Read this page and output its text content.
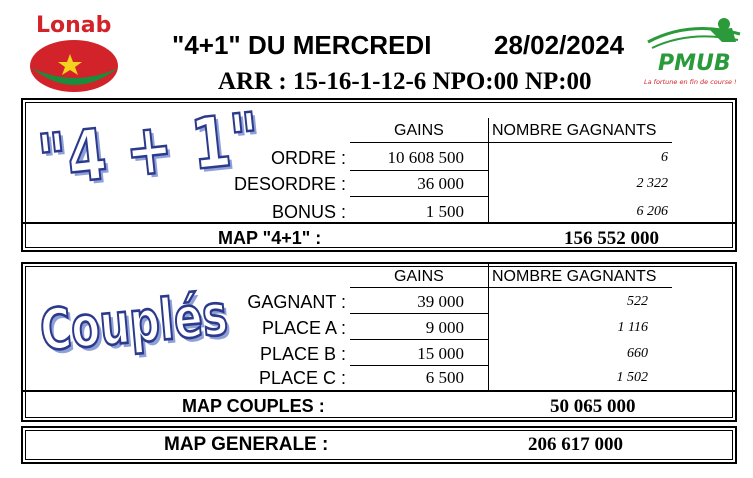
Lonab
"4+1" DU MERCREDI 28/02/2024
ARR : 15-16-1-12-6 NPO:00 NP:00
PMUB
La fortune en fin de course !
"4 + 1"	GAINS	NOMBRE GAGNANTS
ORDRE :	10 608 500	6
DESORDRE :	36 000	2 322
BONUS :	1 500	6 206
MAP "4+1" :	156 552 000
Couplés
GAINS	NOMBRE GAGNANTS
GAGNANT :	39 000	522
PLACE A :	9 000	1 116
PLACE B :	15 000	660
PLACE C :	6 500	1 502
MAP COUPLES :	50 065 000
MAP GENERALE :	206 617 000
